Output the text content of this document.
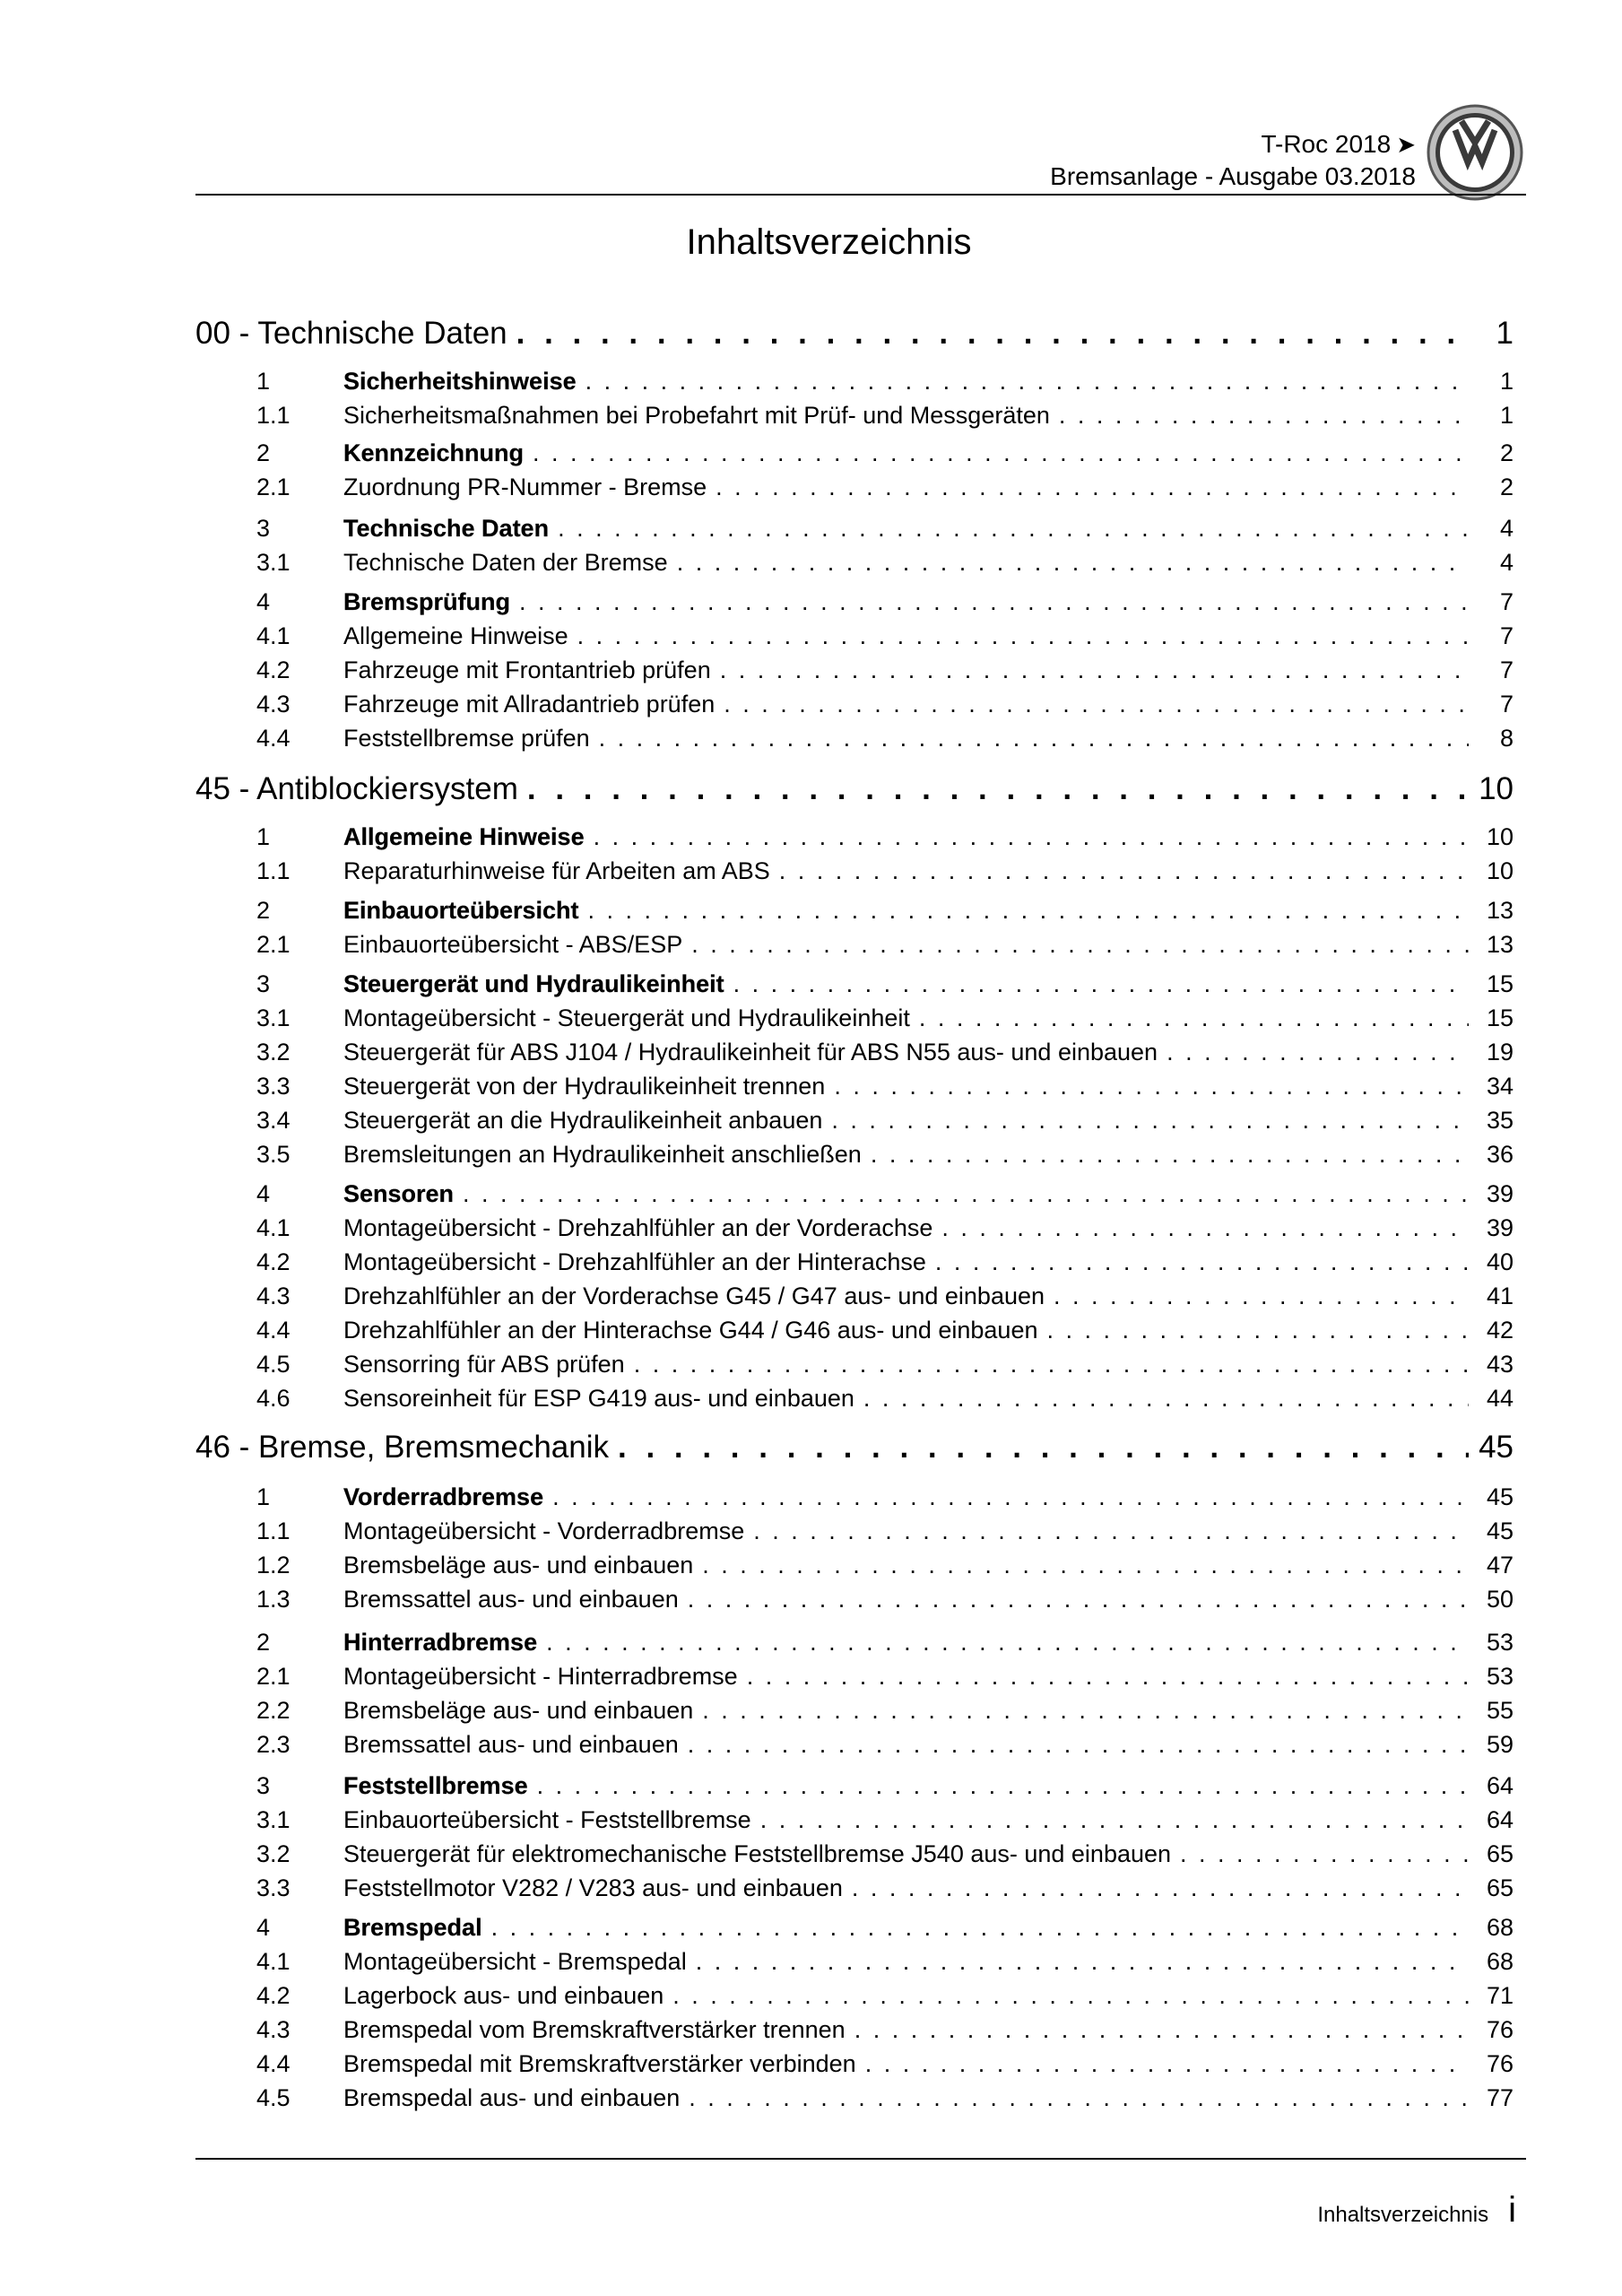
T-Roc 2018 ➤
Bremsanlage - Ausgabe 03.2018
Inhaltsverzeichnis
00 - Technische Daten . . .	1
1	Sicherheitshinweise . . .	1
1.1	Sicherheitsmaßnahmen bei Probefahrt mit Prüf- und Messgeräten . . .	1
2	Kennzeichnung . . .	2
2.1	Zuordnung PR-Nummer - Bremse . . .	2
3	Technische Daten . . .	4
3.1	Technische Daten der Bremse . . .	4
4	Bremsprüfung . . .	7
4.1	Allgemeine Hinweise . . .	7
4.2	Fahrzeuge mit Frontantrieb prüfen . . .	7
4.3	Fahrzeuge mit Allradantrieb prüfen . . .	7
4.4	Feststellbremse prüfen . . .	8
45 - Antiblockiersystem . . .	10
1	Allgemeine Hinweise . . .	10
1.1	Reparaturhinweise für Arbeiten am ABS . . .	10
2	Einbauorteübersicht . . .	13
2.1	Einbauorteübersicht - ABS/ESP . . .	13
3	Steuergerät und Hydraulikeinheit . . .	15
3.1	Montageübersicht - Steuergerät und Hydraulikeinheit . . .	15
3.2	Steuergerät für ABS J104 / Hydraulikeinheit für ABS N55 aus- und einbauen . . .	19
3.3	Steuergerät von der Hydraulikeinheit trennen . . .	34
3.4	Steuergerät an die Hydraulikeinheit anbauen . . .	35
3.5	Bremsleitungen an Hydraulikeinheit anschließen . . .	36
4	Sensoren . . .	39
4.1	Montageübersicht - Drehzahlfühler an der Vorderachse . . .	39
4.2	Montageübersicht - Drehzahlfühler an der Hinterachse . . .	40
4.3	Drehzahlfühler an der Vorderachse G45 / G47 aus- und einbauen . . .	41
4.4	Drehzahlfühler an der Hinterachse G44 / G46 aus- und einbauen . . .	42
4.5	Sensorring für ABS prüfen . . .	43
4.6	Sensoreinheit für ESP G419 aus- und einbauen . . .	44
46 - Bremse, Bremsmechanik . . .	45
1	Vorderradbremse . . .	45
1.1	Montageübersicht - Vorderradbremse . . .	45
1.2	Bremsbeläge aus- und einbauen . . .	47
1.3	Bremssattel aus- und einbauen . . .	50
2	Hinterradbremse . . .	53
2.1	Montageübersicht - Hinterradbremse . . .	53
2.2	Bremsbeläge aus- und einbauen . . .	55
2.3	Bremssattel aus- und einbauen . . .	59
3	Feststellbremse . . .	64
3.1	Einbauorteübersicht - Feststellbremse . . .	64
3.2	Steuergerät für elektromechanische Feststellbremse J540 aus- und einbauen . . .	65
3.3	Feststellmotor V282 / V283 aus- und einbauen . . .	65
4	Bremspedal . . .	68
4.1	Montageübersicht - Bremspedal . . .	68
4.2	Lagerbock aus- und einbauen . . .	71
4.3	Bremspedal vom Bremskraftverstärker trennen . . .	76
4.4	Bremspedal mit Bremskraftverstärker verbinden . . .	76
4.5	Bremspedal aus- und einbauen . . .	77
Inhaltsverzeichnis i
